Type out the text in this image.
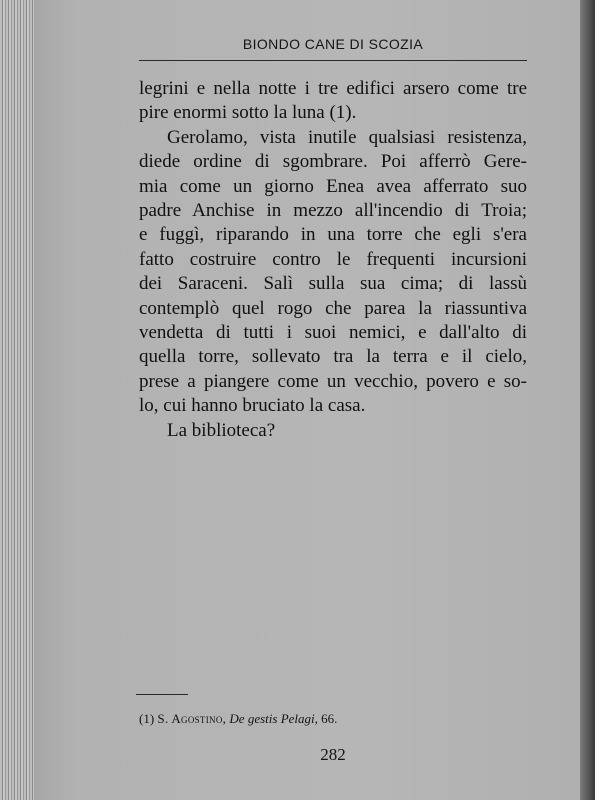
BIONDO CANE DI SCOZIA
legrini e nella notte i tre edifici arsero come tre
pire enormi sotto la luna (1).
Gerolamo, vista inutile qualsiasi resistenza,
diede ordine di sgombrare. Poi afferrò Gere-
mia come un giorno Enea avea afferrato suo
padre Anchise in mezzo all'incendio di Troia;
e fuggì, riparando in una torre che egli s'era
fatto costruire contro le frequenti incursioni
dei Saraceni. Salì sulla sua cima; di lassù
contemplò quel rogo che parea la riassuntiva
vendetta di tutti i suoi nemici, e dall'alto di
quella torre, sollevato tra la terra e il cielo,
prese a piangere come un vecchio, povero e so-
lo, cui hanno bruciato la casa.
La biblioteca?
(1) S. Agostino, De gestis Pelagi, 66.
282
